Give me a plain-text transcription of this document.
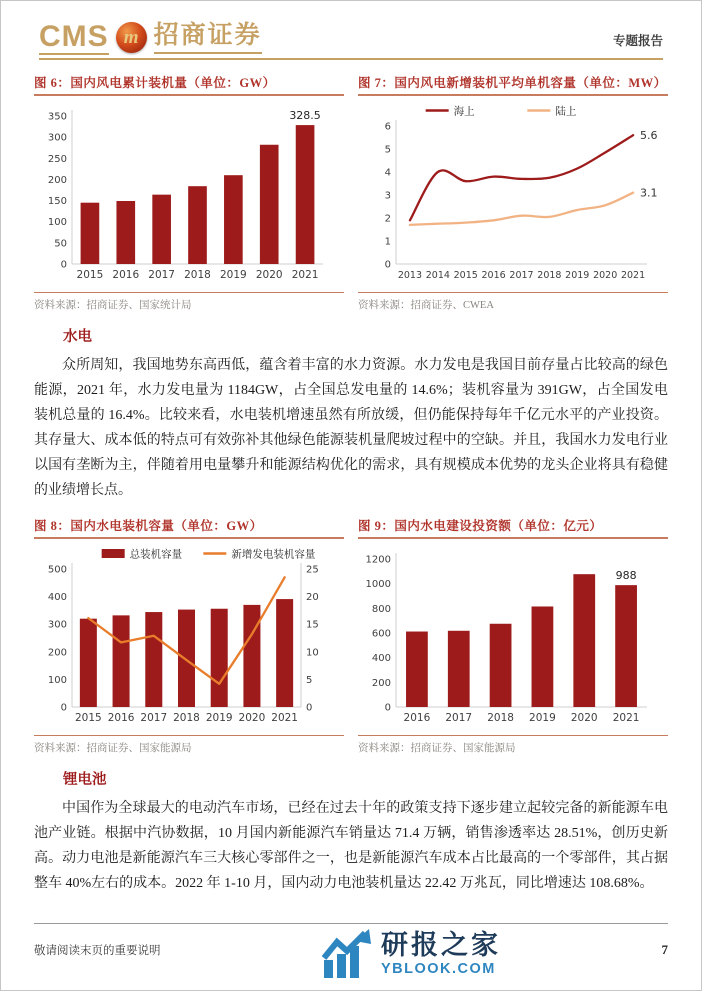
CMS m 招商证券	专题报告
图 6：国内风电累计装机量（单位：GW）
0
50
100
150
200
250
300
350
2015 2016 2017 2018 2019 2020 2021
328.5
资料来源：招商证券、国家统计局
图 7：国内风电新增装机平均单机容量（单位：MW）
0
1
2
3
4
5
6
2013 2014 2015 2016 2017 2018 2019 2020 2021
5.6
3.1
海上	陆上
资料来源：招商证券、CWEA
水电

众所周知，我国地势东高西低，蕴含着丰富的水力资源。水力发电是我国目前存量占比较高的绿色能源，2021 年，水力发电量为 1184GW，占全国总发电量的 14.6%；装机容量为 391GW，占全国发电装机总量的 16.4%。比较来看，水电装机增速虽然有所放缓，但仍能保持每年千亿元水平的产业投资。其存量大、成本低的特点可有效弥补其他绿色能源装机量爬坡过程中的空缺。并且，我国水力发电行业以国有垄断为主，伴随着用电量攀升和能源结构优化的需求，具有规模成本优势的龙头企业将具有稳健的业绩增长点。

图 8：国内水电装机容量（单位：GW）
0
100
200
300
400
500
0
5
10
15
20
25
2015 2016 2017 2018 2019 2020 2021
总装机容量	新增发电装机容量
资料来源：招商证券、国家能源局
图 9：国内水电建设投资额（单位：亿元）
0
200
400
600
800
1000
1200
2016 2017 2018 2019 2020 2021
988
资料来源：招商证券、国家能源局
锂电池

中国作为全球最大的电动汽车市场，已经在过去十年的政策支持下逐步建立起较完备的新能源车电池产业链。根据中汽协数据，10 月国内新能源汽车销量达 71.4 万辆，销售渗透率达 28.51%，创历史新高。动力电池是新能源汽车三大核心零部件之一，也是新能源汽车成本占比最高的一个零部件，其占据整车 40%左右的成本。2022 年 1-10 月，国内动力电池装机量达 22.42 万兆瓦，同比增速达 108.68%。

敬请阅读末页的重要说明	研报之家
YBLOOK.COM
7
